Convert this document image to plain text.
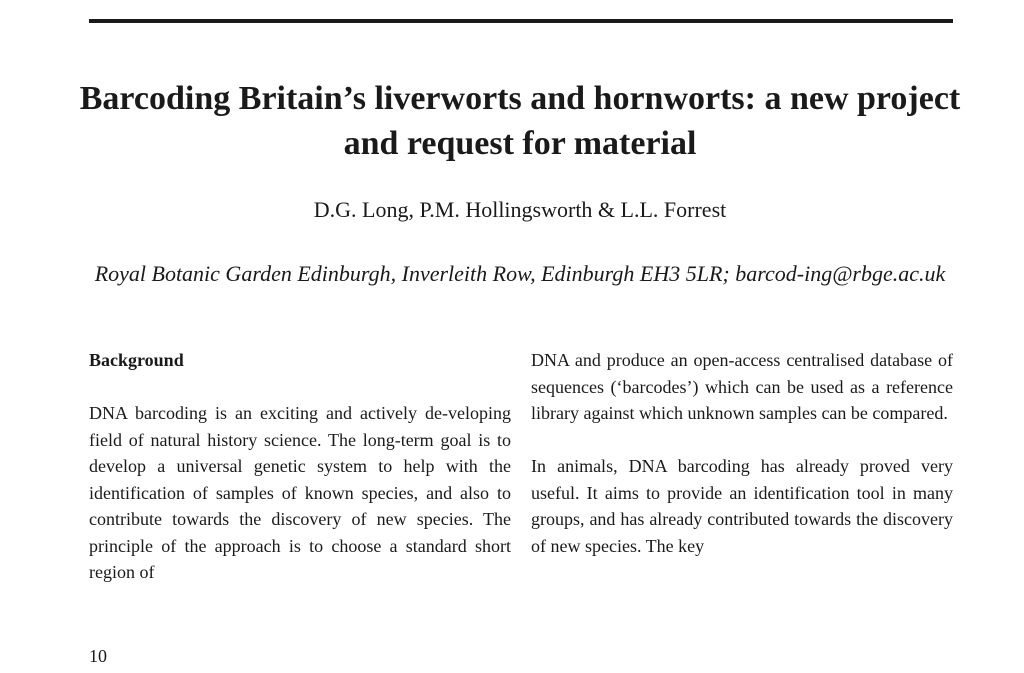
Barcoding Britain’s liverworts and hornworts: a new project and request for material

D.G. Long, P.M. Hollingsworth & L.L. Forrest

Royal Botanic Garden Edinburgh, Inverleith Row, Edinburgh EH3 5LR; barcod-ing@rbge.ac.uk

Background

DNA barcoding is an exciting and actively de-veloping field of natural history science. The long-term goal is to develop a universal genetic system to help with the identification of samples of known species, and also to contribute towards the discovery of new species. The principle of the approach is to choose a standard short region of

DNA and produce an open-access centralised database of sequences (‘barcodes’) which can be used as a reference library against which unknown samples can be compared.

In animals, DNA barcoding has already proved very useful. It aims to provide an identification tool in many groups, and has already contributed towards the discovery of new species. The key

10
